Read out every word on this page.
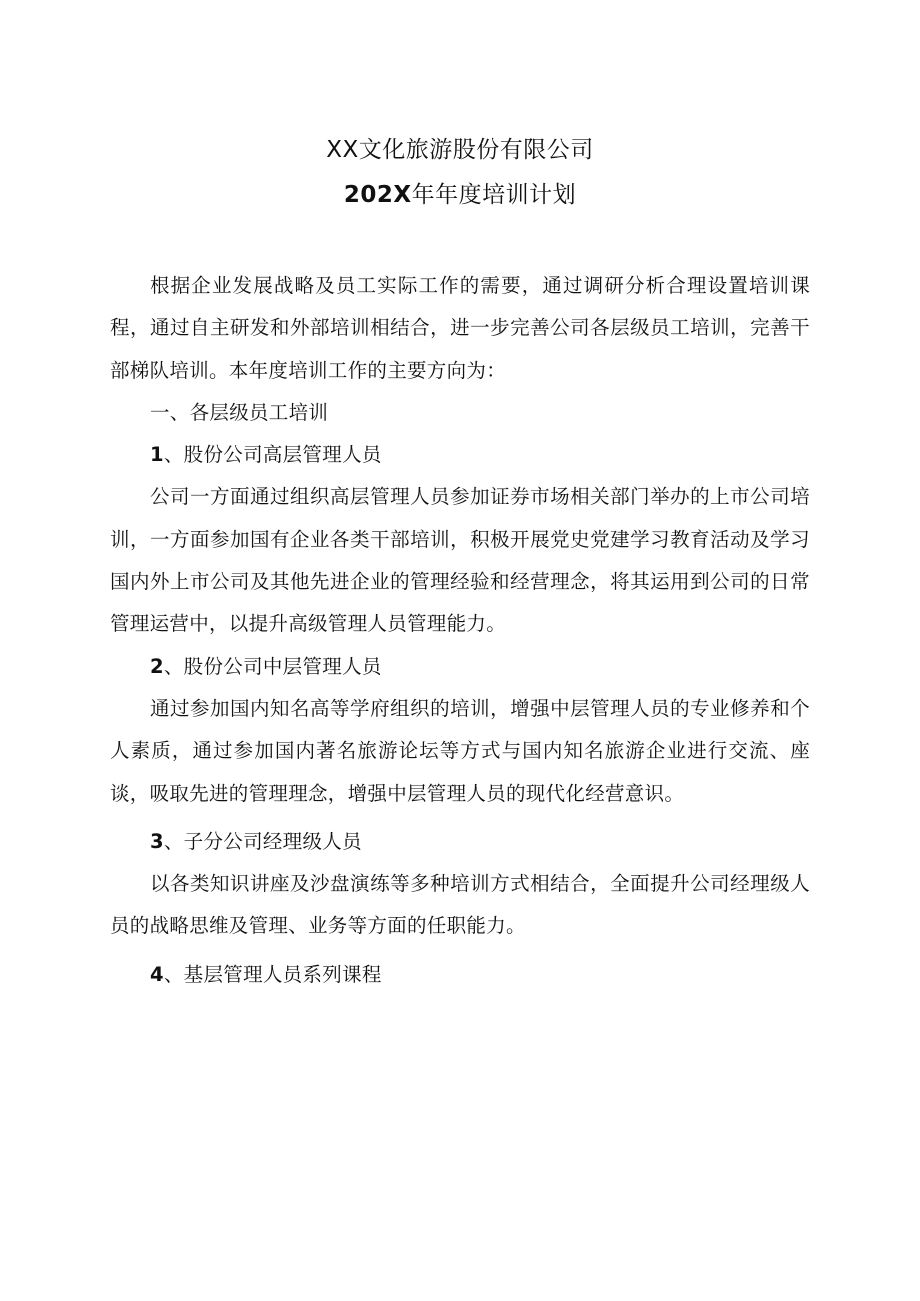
XX文化旅游股份有限公司
202X年年度培训计划

根据企业发展战略及员工实际工作的需要，通过调研分析合理设置培训课程，通过自主研发和外部培训相结合，进一步完善公司各层级员工培训，完善干部梯队培训。本年度培训工作的主要方向为：

一、各层级员工培训

1、股份公司高层管理人员

公司一方面通过组织高层管理人员参加证券市场相关部门举办的上市公司培训，一方面参加国有企业各类干部培训，积极开展党史党建学习教育活动及学习国内外上市公司及其他先进企业的管理经验和经营理念，将其运用到公司的日常管理运营中，以提升高级管理人员管理能力。

2、股份公司中层管理人员

通过参加国内知名高等学府组织的培训，增强中层管理人员的专业修养和个人素质，通过参加国内著名旅游论坛等方式与国内知名旅游企业进行交流、座谈，吸取先进的管理理念，增强中层管理人员的现代化经营意识。

3、子分公司经理级人员

以各类知识讲座及沙盘演练等多种培训方式相结合，全面提升公司经理级人员的战略思维及管理、业务等方面的任职能力。

4、基层管理人员系列课程
